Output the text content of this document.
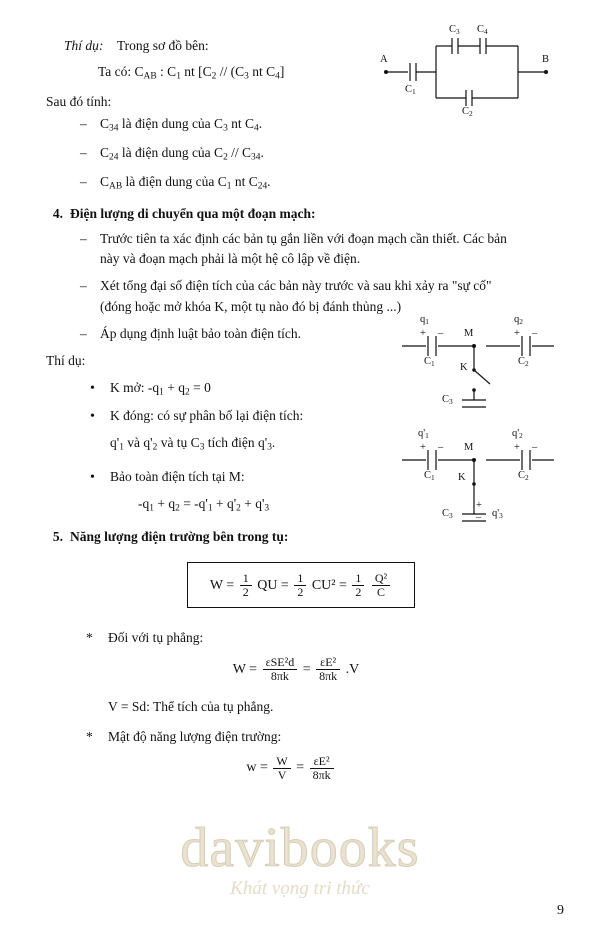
Thí dụ: Trong sơ đồ bên:
Ta có: $C_{AB}$ : $C_1$ nt [$C_2 // (C_3$ nt $C_4$]
Sau đó tính:
– $C_{34}$ là điện dung của $C_3$ nt $C_4$.
– $C_{24}$ là điện dung của $C_2 // C_{34}$.
– $C_{AB}$ là điện dung của $C_1$ nt $C_{24}$.
4. Điện lượng di chuyển qua một đoạn mạch:
– Trước tiên ta xác định các bản tụ gắn liền với đoạn mạch cần thiết. Các bản này và đoạn mạch phải là một hệ cô lập về điện.
– Xét tổng đại số điện tích của các bản này trước và sau khi xảy ra "sự cố" (đóng hoặc mở khóa K, một tụ nào đó bị đánh thủng ...)
– Áp dụng định luật bảo toàn điện tích.
Thí dụ:
•	K mở: $-q_1 + q_2 = 0$
•	K đóng: có sự phân bố lại điện tích:
$q'_1$ và $q'_2$ và tụ $C_3$ tích điện $q'_3$.
•	Bảo toàn điện tích tại M:
$-q_1 + q_2 = -q'_1 + q'_2 + q'_3$
5. Năng lượng điện trường bên trong tụ:
$W = \frac{1}{2}$ QU = $\frac{1}{2} CU^2 = \frac{1}{2}$
$\frac{\text{Q²}}{C}$
*	Đối với tụ phẳng:
$W = \frac{\text{εSE²d}}{8\pi k} = \frac{\text{εE²}}{8\pi k} .V$
V = Sd: Thể tích của tụ phẳng.
*	Mật độ năng lượng điện trường:
$w = \frac{W}{V} = \frac{\text{εE²}}{8\pi k}$
A	B
$C_1$
$C_2$
$C_3$ $C_4$
$q_1$	$q_2$
+ –	+ –
$C_1$	$C_2$
M
K
$C_3$
$q'_1$	$q'_2$
+ –	+ –
$C_1$	$C_2$
M
K
$C_3$	$q'_3$
+
–
davibooks
Khát vọng tri thức
9
